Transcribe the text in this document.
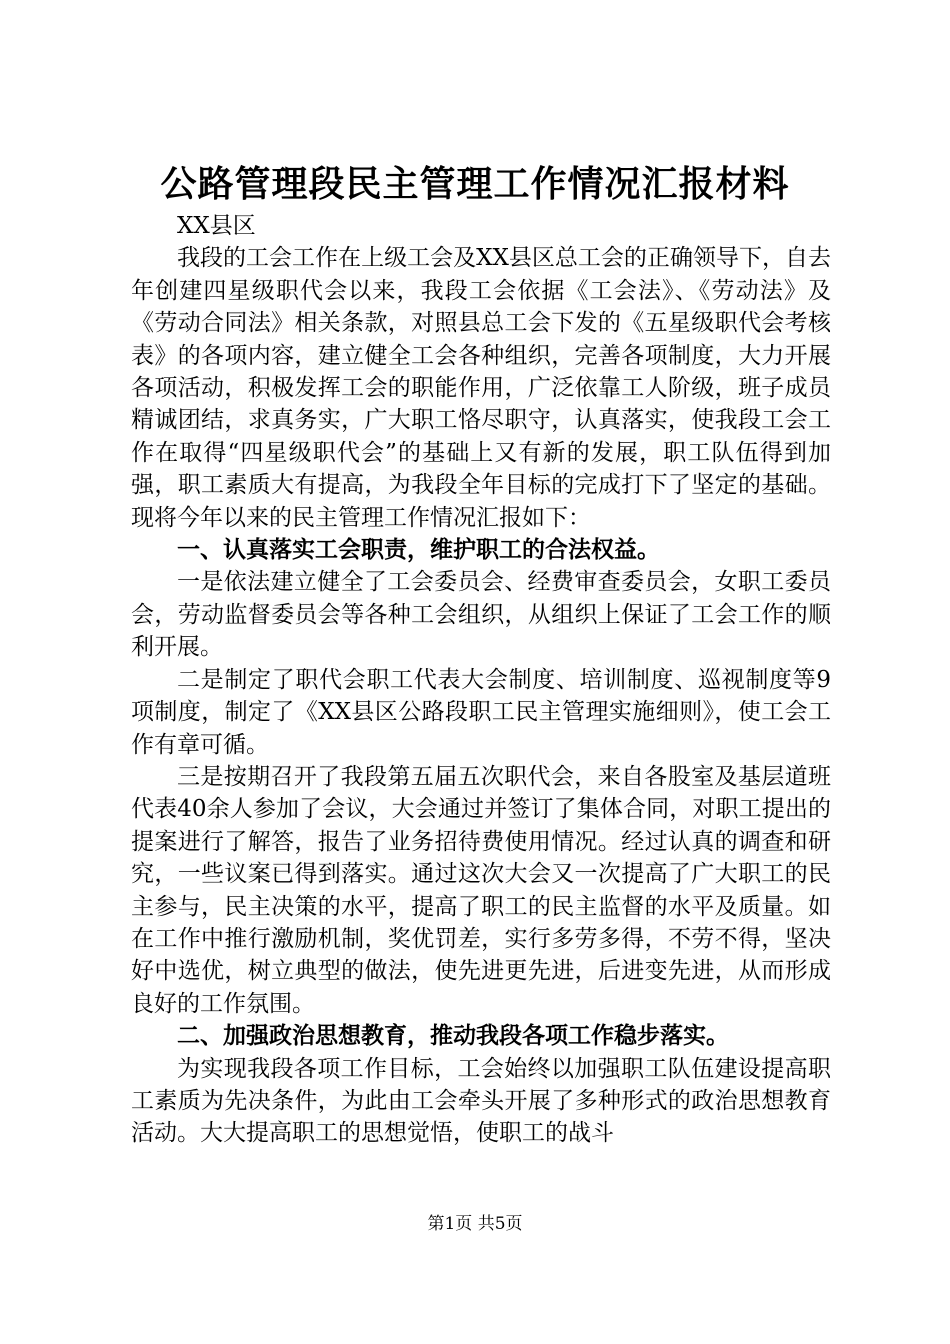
公路管理段民主管理工作情况汇报材料

XX县区

我段的工会工作在上级工会及XX县区总工会的正确领导下，自去年创建四星级职代会以来，我段工会依据《工会法》、《劳动法》及《劳动合同法》相关条款，对照县总工会下发的《五星级职代会考核表》的各项内容，建立健全工会各种组织，完善各项制度，大力开展各项活动，积极发挥工会的职能作用，广泛依靠工人阶级，班子成员精诚团结，求真务实，广大职工恪尽职守，认真落实，使我段工会工作在取得“四星级职代会”的基础上又有新的发展，职工队伍得到加强，职工素质大有提高，为我段全年目标的完成打下了坚定的基础。现将今年以来的民主管理工作情况汇报如下：

一、认真落实工会职责，维护职工的合法权益。

一是依法建立健全了工会委员会、经费审查委员会，女职工委员会，劳动监督委员会等各种工会组织，从组织上保证了工会工作的顺利开展。

二是制定了职代会职工代表大会制度、培训制度、巡视制度等9项制度，制定了《XX县区公路段职工民主管理实施细则》，使工会工作有章可循。

三是按期召开了我段第五届五次职代会，来自各股室及基层道班代表40余人参加了会议，大会通过并签订了集体合同，对职工提出的提案进行了解答，报告了业务招待费使用情况。经过认真的调查和研究，一些议案已得到落实。通过这次大会又一次提高了广大职工的民主参与，民主决策的水平，提高了职工的民主监督的水平及质量。如在工作中推行激励机制，奖优罚差，实行多劳多得，不劳不得，坚决好中选优，树立典型的做法，使先进更先进，后进变先进，从而形成良好的工作氛围。

二、加强政治思想教育，推动我段各项工作稳步落实。

为实现我段各项工作目标，工会始终以加强职工队伍建设提高职工素质为先决条件，为此由工会牵头开展了多种形式的政治思想教育活动。大大提高职工的思想觉悟，使职工的战斗

第1页 共5页
